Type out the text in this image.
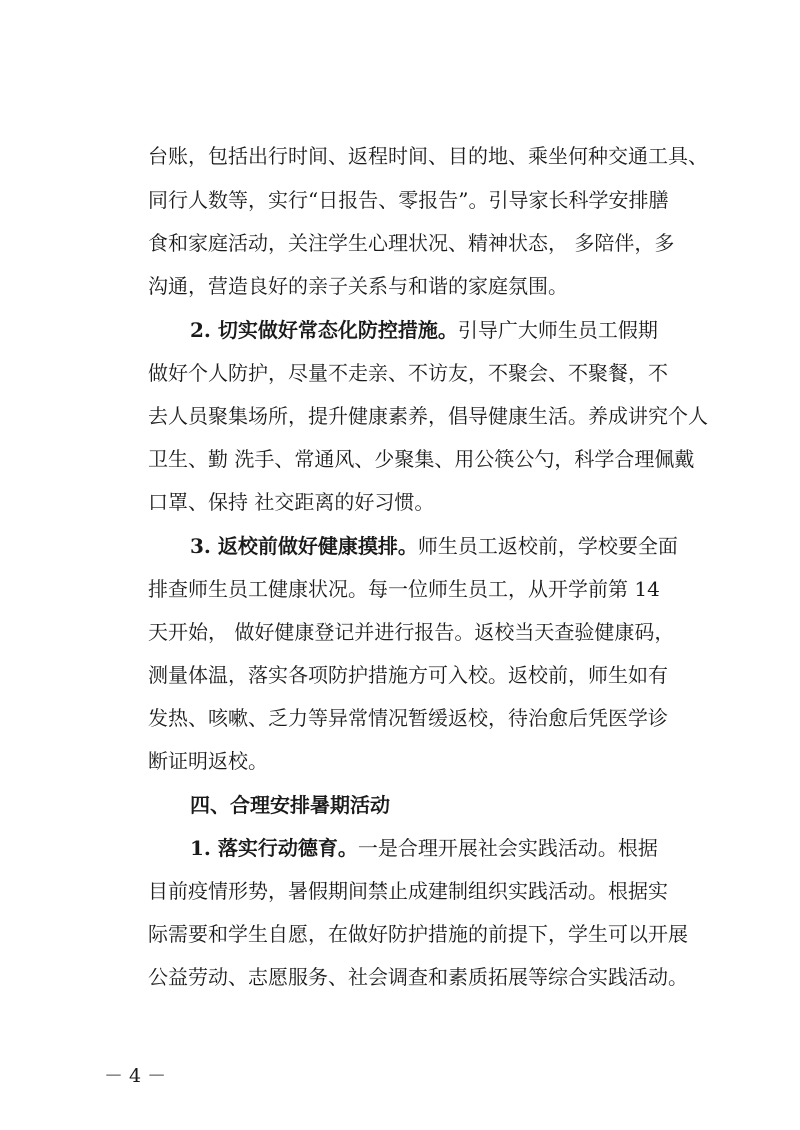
台账，包括出行时间、返程时间、目的地、乘坐何种交通工具、
同行人数等，实行“日报告、零报告”。引导家长科学安排膳
食和家庭活动，关注学生心理状况、精神状态， 多陪伴，多
沟通，营造良好的亲子关系与和谐的家庭氛围。
2. 切实做好常态化防控措施。引导广大师生员工假期
做好个人防护，尽量不走亲、不访友，不聚会、不聚餐，不
去人员聚集场所，提升健康素养，倡导健康生活。养成讲究个人
卫生、勤 洗手、常通风、少聚集、用公筷公勺，科学合理佩戴
口罩、保持 社交距离的好习惯。
3. 返校前做好健康摸排。师生员工返校前，学校要全面
排查师生员工健康状况。每一位师生员工，从开学前第 14
天开始， 做好健康登记并进行报告。返校当天查验健康码，
测量体温，落实各项防护措施方可入校。返校前，师生如有
发热、咳嗽、乏力等异常情况暂缓返校，待治愈后凭医学诊
断证明返校。
四、合理安排暑期活动
1. 落实行动德育。一是合理开展社会实践活动。根据
目前疫情形势，暑假期间禁止成建制组织实践活动。根据实
际需要和学生自愿，在做好防护措施的前提下，学生可以开展
公益劳动、志愿服务、社会调查和素质拓展等综合实践活动。
－ 4 －
